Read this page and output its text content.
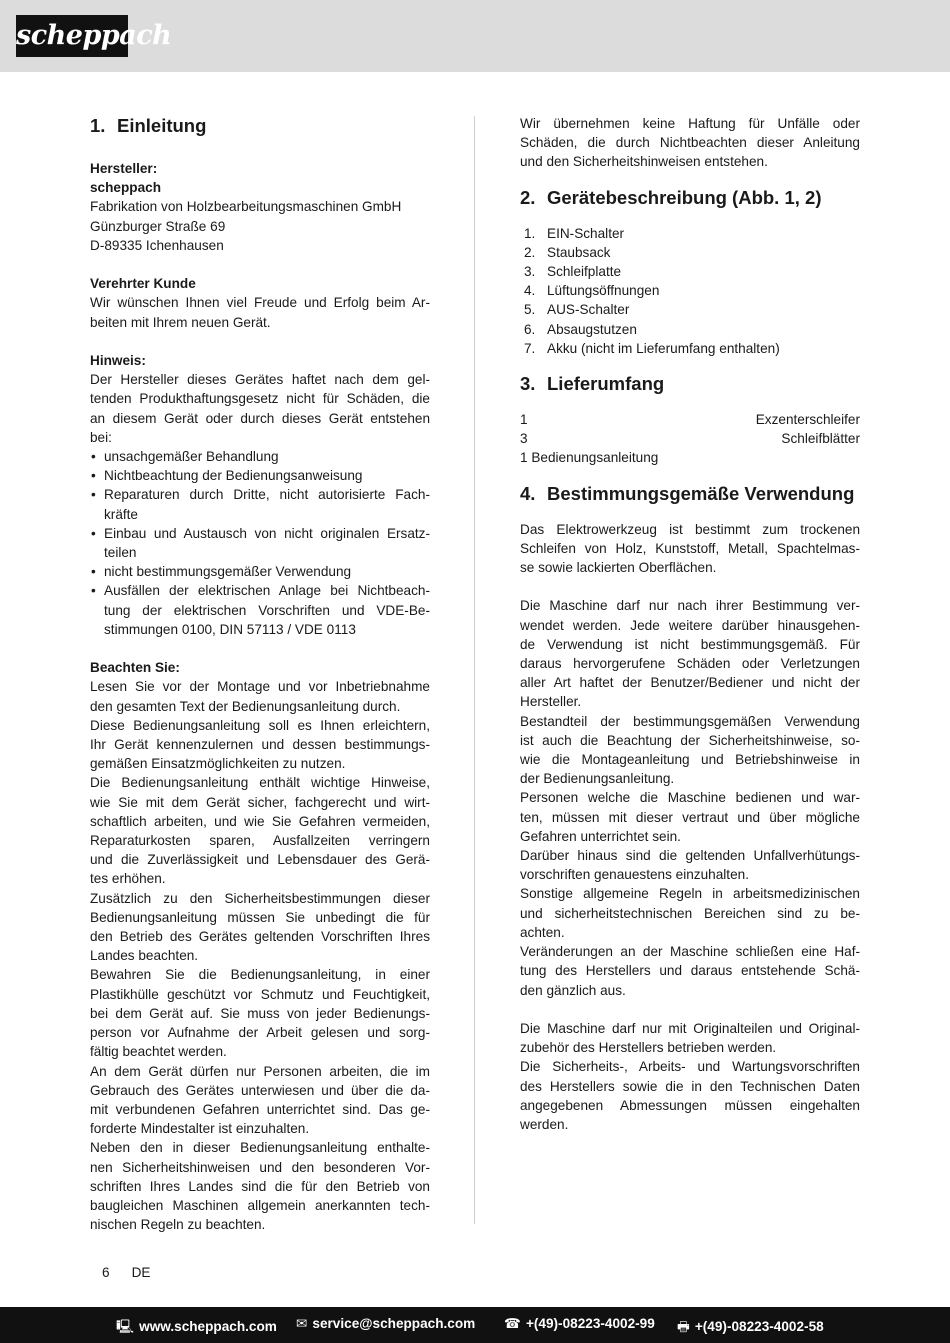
scheppach
1. Einleitung

Hersteller:

scheppach

Fabrikation von Holzbearbeitungsmaschinen GmbH

Günzburger Straße 69

D-89335 Ichenhausen

Verehrter Kunde

Wir wünschen Ihnen viel Freude und Erfolg beim Ar-
beiten mit Ihrem neuen Gerät.

Hinweis:

Der Hersteller dieses Gerätes haftet nach dem gel-
tenden Produkthaftungsgesetz nicht für Schäden, die
an diesem Gerät oder durch dieses Gerät entstehen
bei:
• unsachgemäßer Behandlung
• Nichtbeachtung der Bedienungsanweisung
• Reparaturen durch Dritte, nicht autorisierte Fach-
kräfte
• Einbau und Austausch von nicht originalen Ersatz-
teilen
• nicht bestimmungsgemäßer Verwendung
• Ausfällen der elektrischen Anlage bei Nichtbeach-
tung der elektrischen Vorschriften und VDE-Be-
stimmungen 0100, DIN 57113 / VDE 0113

Beachten Sie:

Lesen Sie vor der Montage und vor Inbetriebnahme
den gesamten Text der Bedienungsanleitung durch.
Diese Bedienungsanleitung soll es Ihnen erleichtern,
Ihr Gerät kennenzulernen und dessen bestimmungs-
gemäßen Einsatzmöglichkeiten zu nutzen.
Die Bedienungsanleitung enthält wichtige Hinweise,
wie Sie mit dem Gerät sicher, fachgerecht und wirt-
schaftlich arbeiten, und wie Sie Gefahren vermeiden,
Reparaturkosten sparen, Ausfallzeiten verringern
und die Zuverlässigkeit und Lebensdauer des Gerä-
tes erhöhen.
Zusätzlich zu den Sicherheitsbestimmungen dieser
Bedienungsanleitung müssen Sie unbedingt die für
den Betrieb des Gerätes geltenden Vorschriften Ihres
Landes beachten.
Bewahren Sie die Bedienungsanleitung, in einer
Plastikhülle geschützt vor Schmutz und Feuchtigkeit,
bei dem Gerät auf. Sie muss von jeder Bedienungs-
person vor Aufnahme der Arbeit gelesen und sorg-
fältig beachtet werden.
An dem Gerät dürfen nur Personen arbeiten, die im
Gebrauch des Gerätes unterwiesen und über die da-
mit verbundenen Gefahren unterrichtet sind. Das ge-
forderte Mindestalter ist einzuhalten.
Neben den in dieser Bedienungsanleitung enthalte-
nen Sicherheitshinweisen und den besonderen Vor-
schriften Ihres Landes sind die für den Betrieb von
baugleichen Maschinen allgemein anerkannten tech-
nischen Regeln zu beachten.
Wir übernehmen keine Haftung für Unfälle oder
Schäden, die durch Nichtbeachten dieser Anleitung
und den Sicherheitshinweisen entstehen.
2. Gerätebeschreibung (Abb. 1, 2)
1. EIN-Schalter
2. Staubsack
3. Schleifplatte
4. Lüftungsöffnungen
5. AUS-Schalter
6. Absaugstutzen
7. Akku (nicht im Lieferumfang enthalten)
3. Lieferumfang
1 Exzenterschleifer
3 Schleifblätter
1 Bedienungsanleitung
4. Bestimmungsgemäße Verwendung
Das Elektrowerkzeug ist bestimmt zum trockenen
Schleifen von Holz, Kunststoff, Metall, Spachtelmas-
se sowie lackierten Oberflächen.
Die Maschine darf nur nach ihrer Bestimmung ver-
wendet werden. Jede weitere darüber hinausgehen-
de Verwendung ist nicht bestimmungsgemäß. Für
daraus hervorgerufene Schäden oder Verletzungen
aller Art haftet der Benutzer/Bediener und nicht der
Hersteller.
Bestandteil der bestimmungsgemäßen Verwendung
ist auch die Beachtung der Sicherheitshinweise, so-
wie die Montageanleitung und Betriebshinweise in
der Bedienungsanleitung.
Personen welche die Maschine bedienen und war-
ten, müssen mit dieser vertraut und über mögliche
Gefahren unterrichtet sein.
Darüber hinaus sind die geltenden Unfallverhütungs-
vorschriften genauestens einzuhalten.
Sonstige allgemeine Regeln in arbeitsmedizinischen
und sicherheitstechnischen Bereichen sind zu be-
achten.
Veränderungen an der Maschine schließen eine Haf-
tung des Herstellers und daraus entstehende Schä-
den gänzlich aus.
Die Maschine darf nur mit Originalteilen und Original-
zubehör des Herstellers betrieben werden.
Die Sicherheits-, Arbeits- und Wartungsvorschriften
des Herstellers sowie die in den Technischen Daten
angegebenen Abmessungen müssen eingehalten
werden.
6 DE
🖳 www.scheppach.com ✉ service@scheppach.com ☎ +(49)-08223-4002-99 🖶 +(49)-08223-4002-58
